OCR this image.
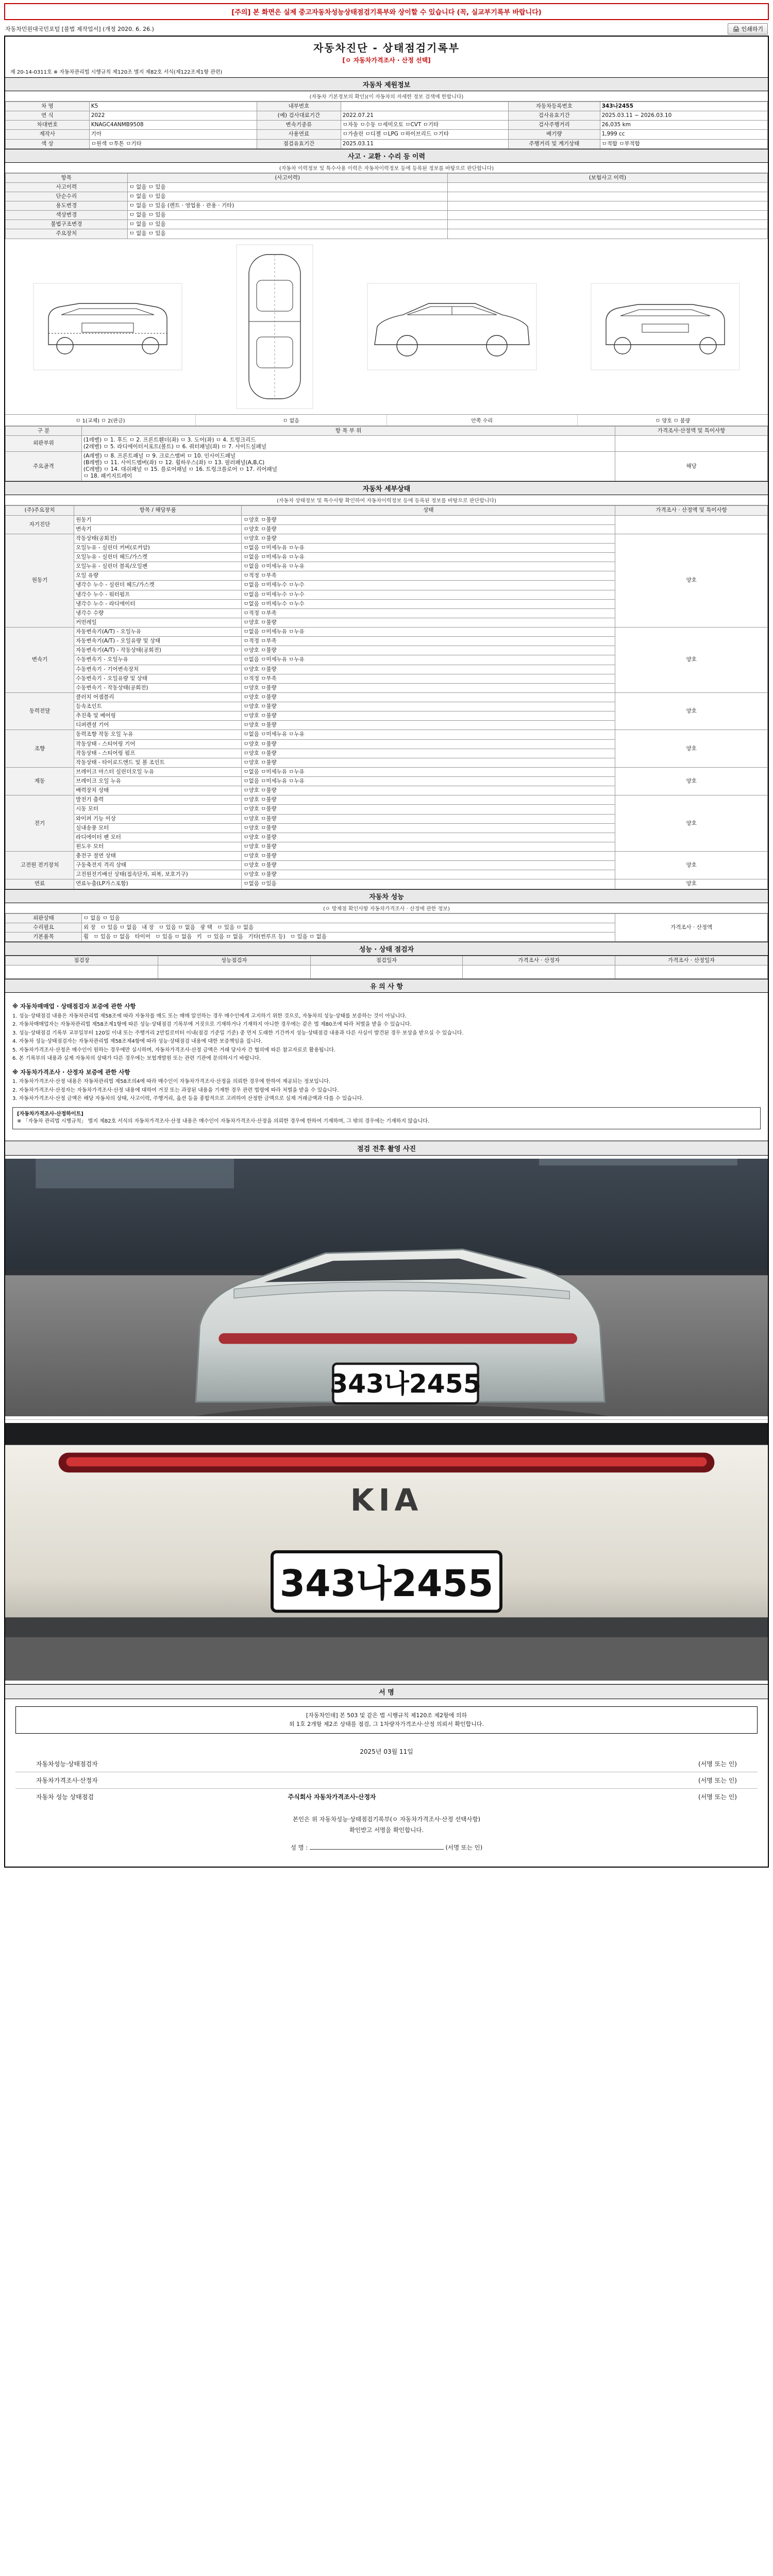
[주의] 본 화면은 실제 중고자동차성능상태점검기록부와 상이할 수 있습니다 (꼭, 실교부기록부 바랍니다)
자동차민원대국민포털 [불법 제작업서] (개정 2020. 6. 26.)	🖨 인쇄하기
자동차진단 - 상태점검기록부
[ㅇ 자동차가격조사 · 산정 선택]
제 20-14-0311호 ※ 자동차관리법 시행규칙 제120조 별지 제82호 서식(제122조제1항 관련)
자동차 제원정보
(자동차 기본정보의 확인)(이 자동차의 자세한 정보 검색에 한합니다)
차 명	K5	내부번호		자동차등록번호	343나2455
연 식	2022	(예) 검사대료기간	2022.07.21	검사유효기간	2025.03.11 ~ 2026.03.10
차대번호	KNAGC4ANMB9508	변속기종류	ㅁ자동 ㅁ수동 ㅁ세미오토 ㅁCVT ㅁ기타	검사주행거리	26,035 km
제작사	기아	사용연료	ㅁ가솔린 ㅁ디젤 ㅁLPG ㅁ하이브리드 ㅁ기타	배기량	1,999 cc
색 상	ㅁ원색 ㅁ투톤 ㅁ기타	점검유효기간	2025.03.11	주행거리 및 계기상태	ㅁ적합 ㅁ부적합
사고 · 교환 · 수리 등 이력
(자동차 이력정보 및 특수사용 이력은 자동차이력정보 등에 등록된 정보를 바탕으로 판단합니다)
항목	(사고이력)	(보험사고 이력)
사고이력	ㅁ 없음 ㅁ 있음	
단순수리	ㅁ 없음 ㅁ 있음	
용도변경	ㅁ 없음 ㅁ 있음 (렌트 · 영업용 · 관용 · 기타)	
색상변경	ㅁ 없음 ㅁ 있음	
불법구조변경	ㅁ 없음 ㅁ 있음	
주요장치	ㅁ 없음 ㅁ 있음	
ㅁ 1(교체) ㅁ 2(판금)	ㅁ 없음	안쪽 수리	ㅁ 양호 ㅁ 불량
구 분	항 목 부 위	가격조사·산정액 및 특이사항
외판부위	(1레벨) ㅁ 1. 후드 ㅁ 2. 프론트휀더(좌) ㅁ 3. 도어(좌) ㅁ 4. 트렁크리드
(2레벨) ㅁ 5. 라디에이터서포트(볼트) ㅁ 6. 쿼터패널(좌) ㅁ 7. 사이드실패널	
주요골격	(A레벨) ㅁ 8. 프론트패널 ㅁ 9. 크로스멤버 ㅁ 10. 인사이드패널
(B레벨) ㅁ 11. 사이드멤버(좌) ㅁ 12. 휠하우스(좌) ㅁ 13. 필러패널(A,B,C)
(C레벨) ㅁ 14. 대쉬패널 ㅁ 15. 플로어패널 ㅁ 16. 트렁크플로어 ㅁ 17. 리어패널
ㅁ 18. 패키지트레이	해당
자동차 세부상태
(자동차 상태정보 및 특수사항 확인하여 자동차이력정보 등에 등록된 정보를 바탕으로 판단합니다)
(주)주요장치	항목 / 해당부품	상태	가격조사 · 산정액 및 특이사항
자기진단	원동기	ㅁ양호 ㅁ불량	
	변속기	ㅁ양호 ㅁ불량	
원동기	작동상태(공회전)	ㅁ양호 ㅁ불량	양호
	오일누유 - 실린더 커버(로커암)	ㅁ없음 ㅁ미세누유 ㅁ누유	
	오일누유 - 실린더 헤드/가스켓	ㅁ없음 ㅁ미세누유 ㅁ누유	
	오일누유 - 실린더 블록/오일팬	ㅁ없음 ㅁ미세누유 ㅁ누유	
	오일 유량	ㅁ적정 ㅁ부족	
	냉각수 누수 - 실린더 헤드/가스켓	ㅁ없음 ㅁ미세누수 ㅁ누수	
	냉각수 누수 - 워터펌프	ㅁ없음 ㅁ미세누수 ㅁ누수	
	냉각수 누수 - 라디에이터	ㅁ없음 ㅁ미세누수 ㅁ누수	
	냉각수 수량	ㅁ적정 ㅁ부족	
	커먼레일	ㅁ양호 ㅁ불량	
변속기	자동변속기(A/T) - 오일누유	ㅁ없음 ㅁ미세누유 ㅁ누유	양호
	자동변속기(A/T) - 오일유량 및 상태	ㅁ적정 ㅁ부족	
	자동변속기(A/T) - 작동상태(공회전)	ㅁ양호 ㅁ불량	
	수동변속기 - 오일누유	ㅁ없음 ㅁ미세누유 ㅁ누유	
	수동변속기 - 기어변속장치	ㅁ양호 ㅁ불량	
	수동변속기 - 오일유량 및 상태	ㅁ적정 ㅁ부족	
	수동변속기 - 작동상태(공회전)	ㅁ양호 ㅁ불량	
동력전달	클러치 어셈블리	ㅁ양호 ㅁ불량	양호
	등속조인트	ㅁ양호 ㅁ불량	
	추진축 및 베어링	ㅁ양호 ㅁ불량	
	디퍼렌셜 기어	ㅁ양호 ㅁ불량	
조향	동력조향 작동 오일 누유	ㅁ없음 ㅁ미세누유 ㅁ누유	양호
	작동상태 - 스티어링 기어	ㅁ양호 ㅁ불량	
	작동상태 - 스티어링 펌프	ㅁ양호 ㅁ불량	
	작동상태 - 타이로드엔드 및 볼 조인트	ㅁ양호 ㅁ불량	
제동	브레이크 마스터 실린더오일 누유	ㅁ없음 ㅁ미세누유 ㅁ누유	양호
	브레이크 오일 누유	ㅁ없음 ㅁ미세누유 ㅁ누유	
	배력장치 상태	ㅁ양호 ㅁ불량	
전기	발전기 출력	ㅁ양호 ㅁ불량	양호
	시동 모터	ㅁ양호 ㅁ불량	
	와이퍼 기능 이상	ㅁ양호 ㅁ불량	
	실내송풍 모터	ㅁ양호 ㅁ불량	
	라디에이터 팬 모터	ㅁ양호 ㅁ불량	
	윈도우 모터	ㅁ양호 ㅁ불량	
고전원 전기장치	충전구 절연 상태	ㅁ양호 ㅁ불량	양호
	구동축전지 격리 상태	ㅁ양호 ㅁ불량	
	고전원전기배선 상태(접속단자, 피복, 보호기구)	ㅁ양호 ㅁ불량	
연료	연료누출(LP가스포함)	ㅁ없음 ㅁ있음	양호
자동차 성능
(ㅇ 방제점 확인사항 자동차가격조사 · 산정에 관한 정보)
외판상태	ㅁ 없음 ㅁ 있음	가격조사 · 산정액
수리필요	외 장 ㅁ 있음 ㅁ 없음 내 장 ㅁ 있음 ㅁ 없음 광 택 ㅁ 있음 ㅁ 없음	
기본품목	휠 ㅁ 있음 ㅁ 없음 타이어 ㅁ 있음 ㅁ 없음 키 ㅁ 있음 ㅁ 없음 기타(썬루프 등) ㅁ 있음 ㅁ 없음	
성능 · 상태 점검자
점검장	성능점검자	점검일자	가격조사 · 산정자	가격조사 · 산정일자

유 의 사 항
※ 자동차매매업 · 상태점검자 보증에 관한 사항

1. 성능·상태점검 내용은 자동차관리법 제58조에 따라 자동차를 매도 또는 매매 알선하는 경우 매수인에게 고지하기 위한 것으로, 자동차의 성능·상태를 보증하는 것이 아닙니다.

2. 자동차매매업자는 자동차관리법 제58조제1항에 따른 성능·상태점검 기록부에 거짓으로 기재하거나 기재하지 아니한 경우에는 같은 법 제80조에 따라 처벌을 받을 수 있습니다.

3. 성능·상태점검 기록부 교부일부터 120일 이내 또는 주행거리 2만킬로미터 이내(점검 기준일 기준) 중 먼저 도래한 기간까지 성능·상태점검 내용과 다른 사실이 발견된 경우 보상을 받으실 수 있습니다.

4. 자동차 성능·상태점검자는 자동차관리법 제58조제4항에 따라 성능·상태점검 내용에 대한 보증책임을 집니다.

5. 자동차가격조사·산정은 매수인이 원하는 경우에만 실시하며, 자동차가격조사·산정 금액은 거래 당사자 간 협의에 따른 참고자료로 활용됩니다.

6. 본 기록부의 내용과 실제 자동차의 상태가 다른 경우에는 보험개발원 또는 관련 기관에 문의하시기 바랍니다.

※ 자동차가격조사 · 산정자 보증에 관한 사항

1. 자동차가격조사·산정 내용은 자동차관리법 제58조의4에 따라 매수인이 자동차가격조사·산정을 의뢰한 경우에 한하여 제공되는 정보입니다.

2. 자동차가격조사·산정자는 자동차가격조사·산정 내용에 대하여 거짓 또는 과장된 내용을 기재한 경우 관련 법령에 따라 처벌을 받을 수 있습니다.

3. 자동차가격조사·산정 금액은 해당 자동차의 상태, 사고이력, 주행거리, 옵션 등을 종합적으로 고려하여 산정한 금액으로 실제 거래금액과 다를 수 있습니다.

[자동차가격조사·산정하이트]
※ 「자동차 관리법 시행규칙」 별지 제82호 서식의 자동차가격조사·산정 내용은 매수인이 자동차가격조사·산정을 의뢰한 경우에 한하여 기재하며, 그 밖의 경우에는 기재하지 않습니다.
점검 전후 촬영 사진
343나2455
KIA
343나2455
서 명
[자동차인데] 본 503 및 같은 법 시행규칙 제120조 제2항에 의하
외 1호 2개항 제2조 상태를 점검, 그 1차량자가격조사·산정 의뢰서 확인합니다.
2025년 03월 11일
자동차성능·상태점검자	(서명 또는 인)
자동차가격조사·산정자	(서명 또는 인)
자동차 성능 상태점검	주식회사 자동차가격조사·산정자	(서명 또는 인)
본인은 위 자동차성능·상태점검기록부(ㅇ 자동차가격조사·산정 선택사항)
확인받고 서명을 확인합니다.
성 명 :	(서명 또는 인)
